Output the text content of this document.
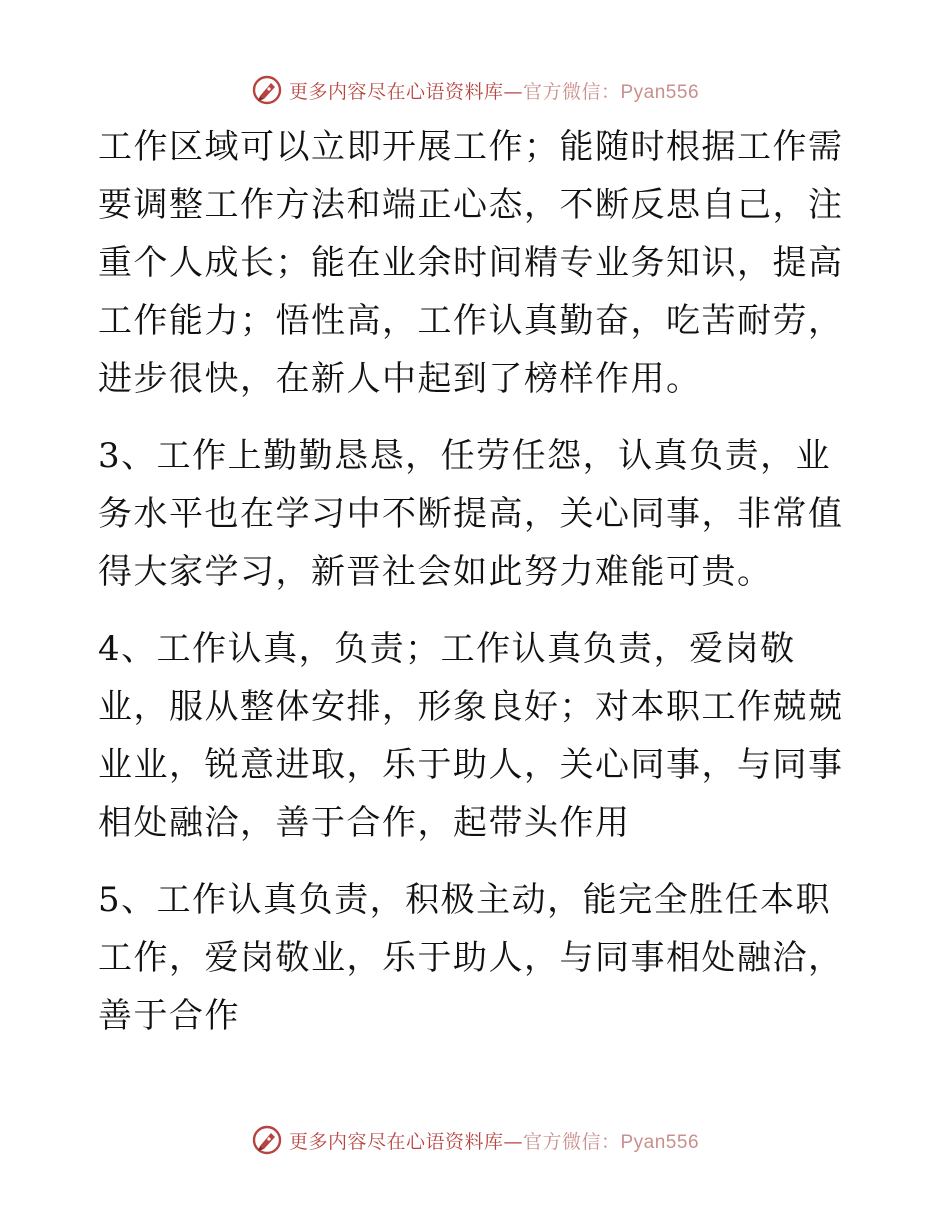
更多内容尽在心语资料库—官方微信：Pyan556

工作区域可以立即开展工作；能随时根据工作需要调整工作方法和端正心态，不断反思自己，注重个人成长；能在业余时间精专业务知识，提高工作能力；悟性高，工作认真勤奋，吃苦耐劳，进步很快，在新人中起到了榜样作用。

3、工作上勤勤恳恳，任劳任怨，认真负责，业务水平也在学习中不断提高，关心同事，非常值得大家学习，新晋社会如此努力难能可贵。

4、工作认真，负责；工作认真负责，爱岗敬业，服从整体安排，形象良好；对本职工作兢兢业业，锐意进取，乐于助人，关心同事，与同事相处融洽，善于合作，起带头作用

5、工作认真负责，积极主动，能完全胜任本职工作，爱岗敬业，乐于助人，与同事相处融洽，善于合作

更多内容尽在心语资料库—官方微信：Pyan556
